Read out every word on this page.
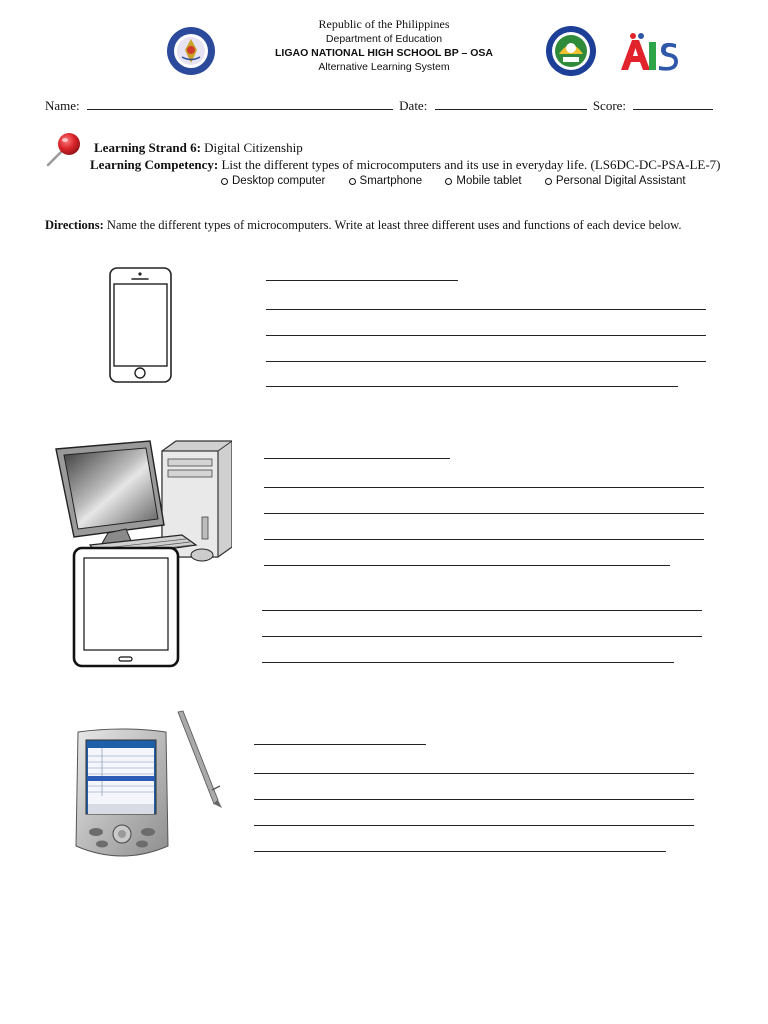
Republic of the Philippines
Department of Education
LIGAO NATIONAL HIGH SCHOOL BP – OSA
Alternative Learning System
Name:	Date:	Score:
Learning Strand 6: Digital Citizenship
Learning Competency: List the different types of microcomputers and its use in everyday life. (LS6DC-DC-PSA-LE-7)
Desktop computer
	Smartphone
	Mobile tablet
	Personal Digital Assistant
Directions: Name the different types of microcomputers. Write at least three different uses and functions of each device below.
